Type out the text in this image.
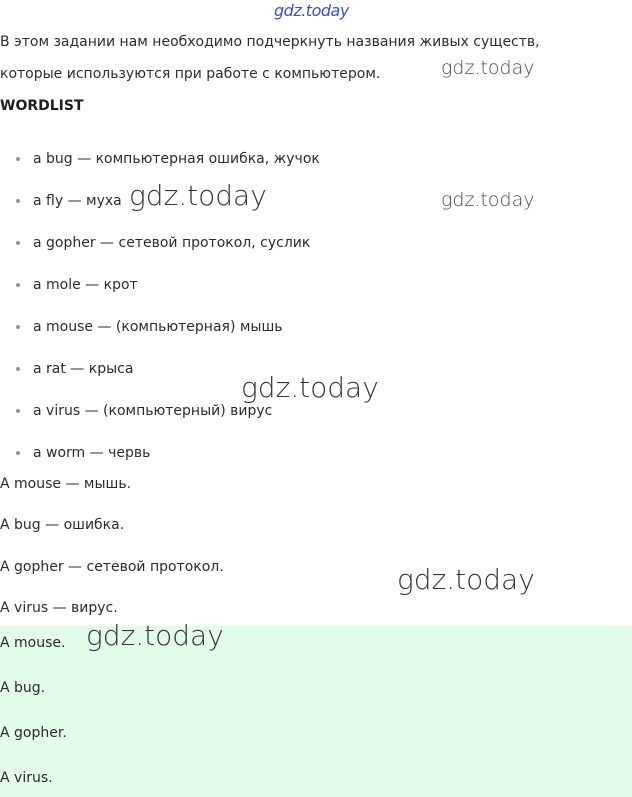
gdz.today
gdz.today
gdz.today
В этом задании нам необходимо подчеркнуть названия живых существ,
которые используются при работе с компьютером.
WORDLIST
a bug — компьютерная ошибка, жучок
a fly — муха
a gopher — сетевой протокол, суслик
a mole — крот
a mouse — (компьютерная) мышь
a rat — крыса
a virus — (компьютерный) вирус
a worm — червь
gdz.today
gdz.today
A mouse — мышь.
A bug — ошибка.
A gopher — сетевой протокол.
A virus — вирус.
gdz.today
A mouse.
A bug.
A gopher.
A virus.
gdz.today
